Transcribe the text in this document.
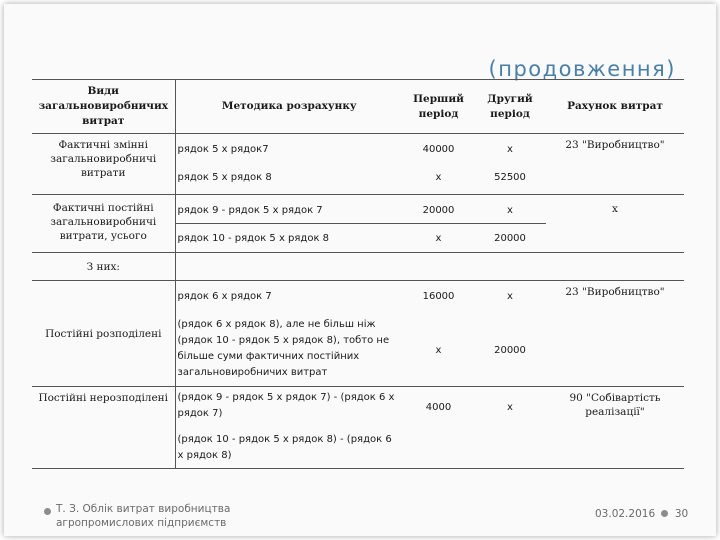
(продовження)
Види загальновиробничих витрат	Методика розрахунку	Перший період	Другий період	Рахунок витрат
Фактичні змінні загальновиробничі витрати	рядок 5 х рядок7	40000	х	23 "Виробництво"
	рядок 5 х рядок 8	х	52500	
Фактичні постійні загальновиробничі витрати, усього	рядок 9 - рядок 5 х рядок 7	20000	х	х
	рядок 10 - рядок 5 х рядок 8	х	20000	
З них:				
Постійні розподілені	рядок 6 х рядок 7	16000	х	23 "Виробництво"
	(рядок 6 х рядок 8), але не більш ніж (рядок 10 - рядок 5 х рядок 8), тобто не більше суми фактичних постійних загальновиробничих витрат	х	20000	
Постійні нерозподілені	(рядок 9 - рядок 5 х рядок 7) - (рядок 6 х рядок 7)	4000	х	90 "Собівартість реалізації"
	(рядок 10 - рядок 5 х рядок 8) - (рядок 6 х рядок 8)			
Т. З. Облік витрат виробництва агропромислових підприємств
03.02.2016 30
